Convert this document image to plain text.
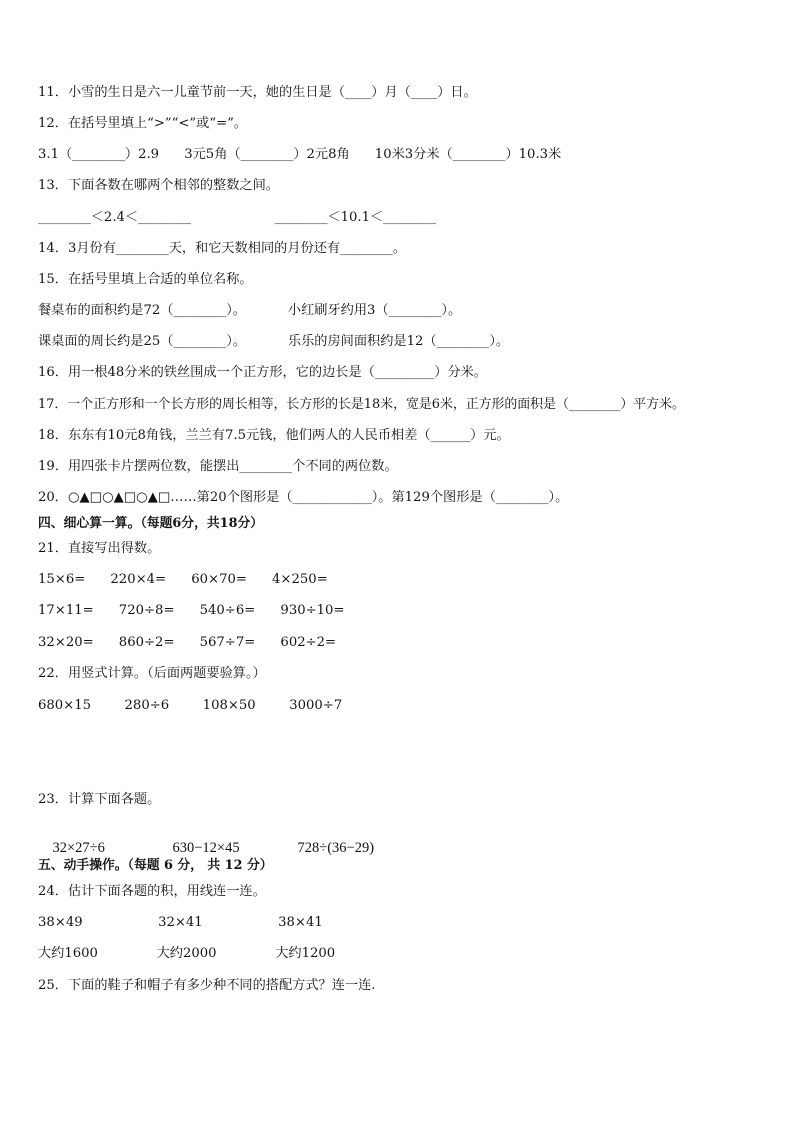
11．小雪的生日是六一儿童节前一天，她的生日是（____）月（____）日。
12．在括号里填上“>”“<”或“=”。
3.1（________）2.9      3元5角（________）2元8角      10米3分米（________）10.3米
13．下面各数在哪两个相邻的整数之间。
________＜2.4＜________                    ________＜10.1＜________
14．3月份有________天，和它天数相同的月份还有________。
15．在括号里填上合适的单位名称。
餐桌布的面积约是72（________）。          小红刷牙约用3（________）。
课桌面的周长约是25（________）。          乐乐的房间面积约是12（________）。
16．用一根48分米的铁丝围成一个正方形，它的边长是（_________）分米。
17．一个正方形和一个长方形的周长相等，长方形的长是18米，宽是6米，正方形的面积是（________）平方米。
18．东东有10元8角钱，兰兰有7.5元钱，他们两人的人民币相差（______）元。
19．用四张卡片摆两位数，能摆出________个不同的两位数。
20．○▲□○▲□○▲□……第20个图形是（____________）。第129个图形是（________）。
四、细心算一算。（每题6分，共18分）
21．直接写出得数。
15×6=      220×4=      60×70=      4×250=
17×11=      720÷8=      540÷6=      930÷10=
32×20=      860÷2=      567÷7=      602÷2=
22．用竖式计算。（后面两题要验算。）
680×15        280÷6        108×50        3000÷7
23．计算下面各题。

32×27÷6	630−12×45	728÷(36−29)

五、动手操作。（每题 6 分， 共 12 分）
24．估计下面各题的积，用线连一连。
38×49                  32×41                  38×41
大约1600              大约2000              大约1200
25．下面的鞋子和帽子有多少种不同的搭配方式？连一连.
